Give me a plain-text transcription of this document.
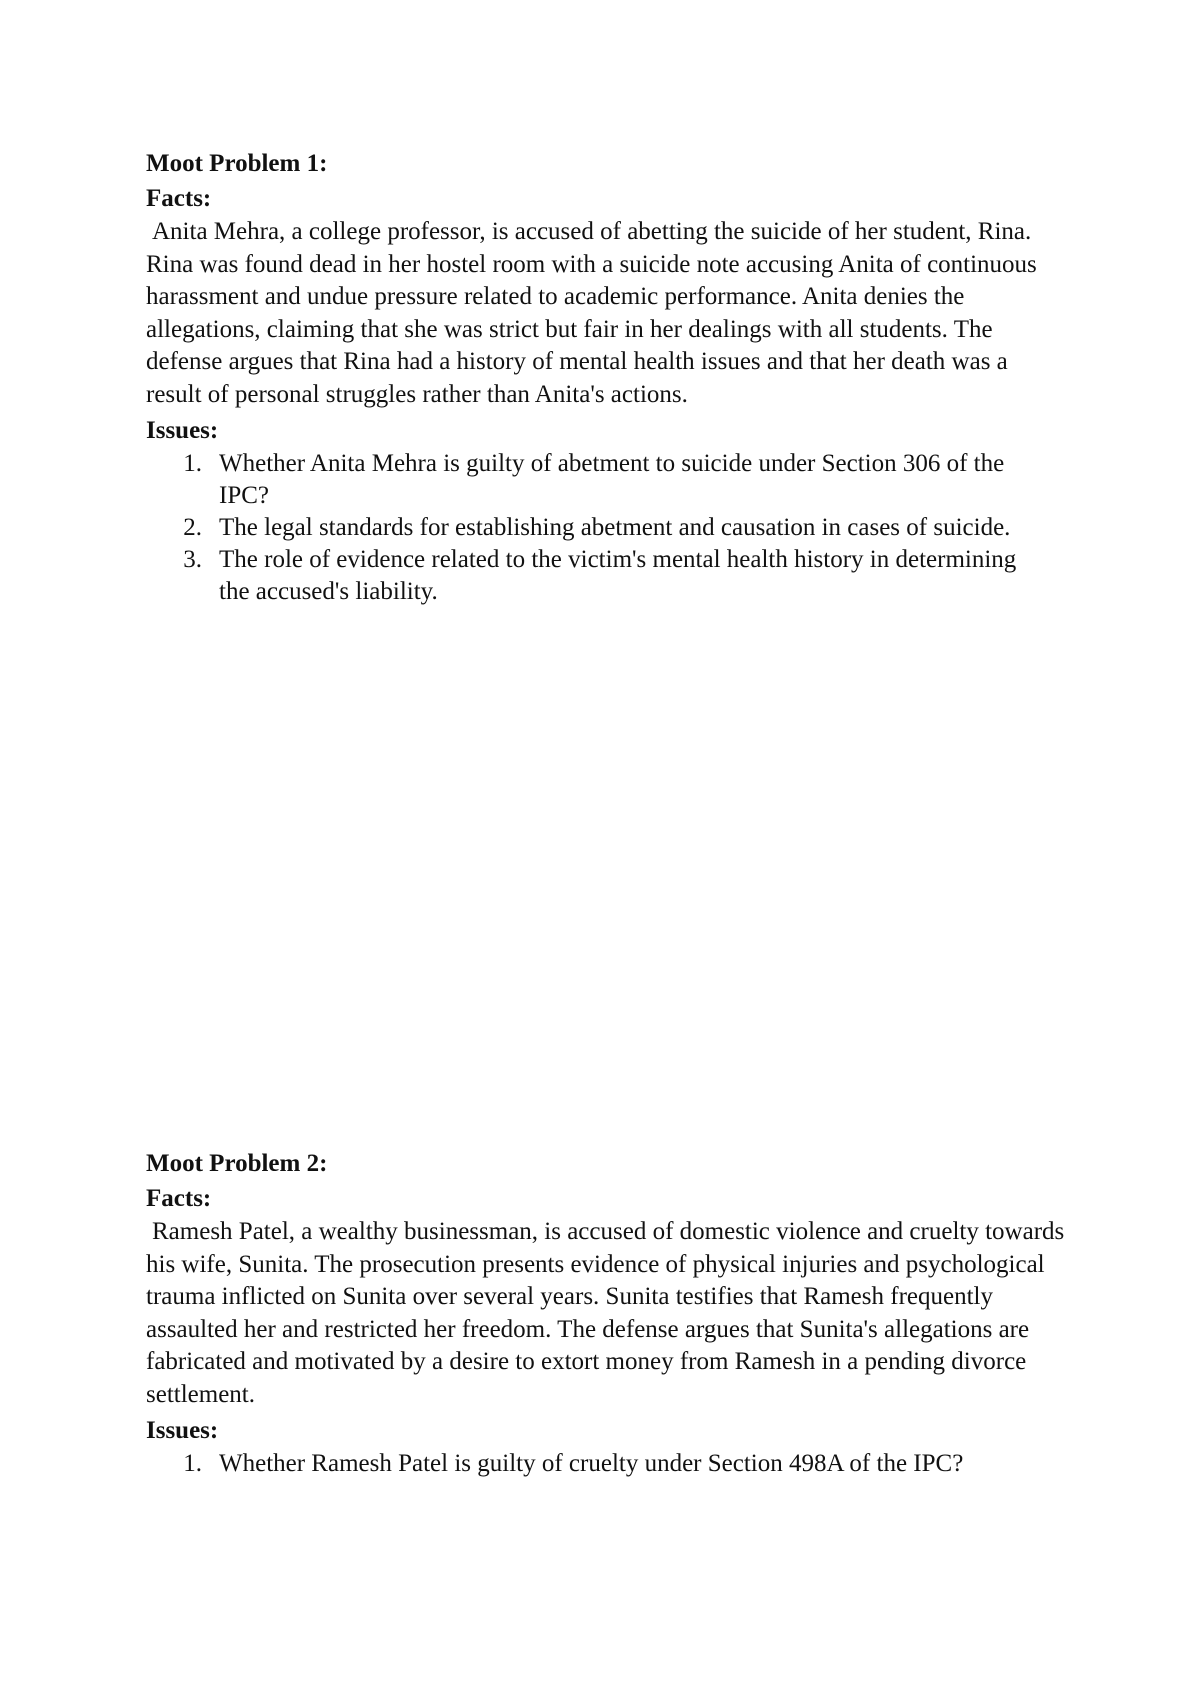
Moot Problem 1:

Facts:

Anita Mehra, a college professor, is accused of abetting the suicide of her student, Rina. Rina was found dead in her hostel room with a suicide note accusing Anita of continuous harassment and undue pressure related to academic performance. Anita denies the allegations, claiming that she was strict but fair in her dealings with all students. The defense argues that Rina had a history of mental health issues and that her death was a result of personal struggles rather than Anita's actions.

Issues:

1. Whether Anita Mehra is guilty of abetment to suicide under Section 306 of the IPC?
2. The legal standards for establishing abetment and causation in cases of suicide.
3. The role of evidence related to the victim's mental health history in determining the accused's liability.

Moot Problem 2:

Facts:

Ramesh Patel, a wealthy businessman, is accused of domestic violence and cruelty towards his wife, Sunita. The prosecution presents evidence of physical injuries and psychological trauma inflicted on Sunita over several years. Sunita testifies that Ramesh frequently assaulted her and restricted her freedom. The defense argues that Sunita's allegations are fabricated and motivated by a desire to extort money from Ramesh in a pending divorce settlement.

Issues:

1. Whether Ramesh Patel is guilty of cruelty under Section 498A of the IPC?
